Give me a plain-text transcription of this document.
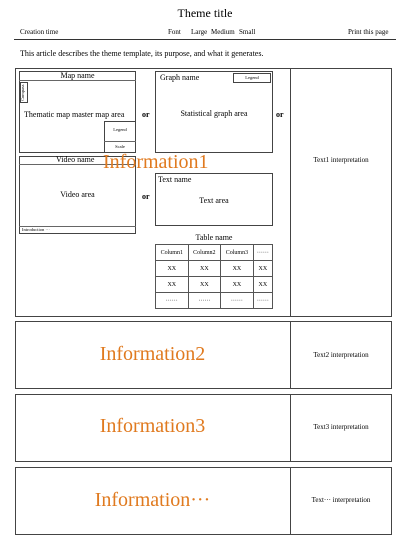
Theme title
Creation time	Font Large Medium Small	Print this page
This article describes the theme template, its purpose, and what it generates.
Text1 interpretation
Map name
Compass
Thematic map master map area
Legend
Scale
Graph name	Legend
Statistical graph area
or	or
Video name
Video area
Introduction ···
or
Text name
Text area
Information1
Table name
Column1	Column2	Column3	······
XX	XX	XX	XX
XX	XX	XX	XX
······	······	······	······
Information2	Text2 interpretation
Information3	Text3 interpretation
Information···	Text··· interpretation
